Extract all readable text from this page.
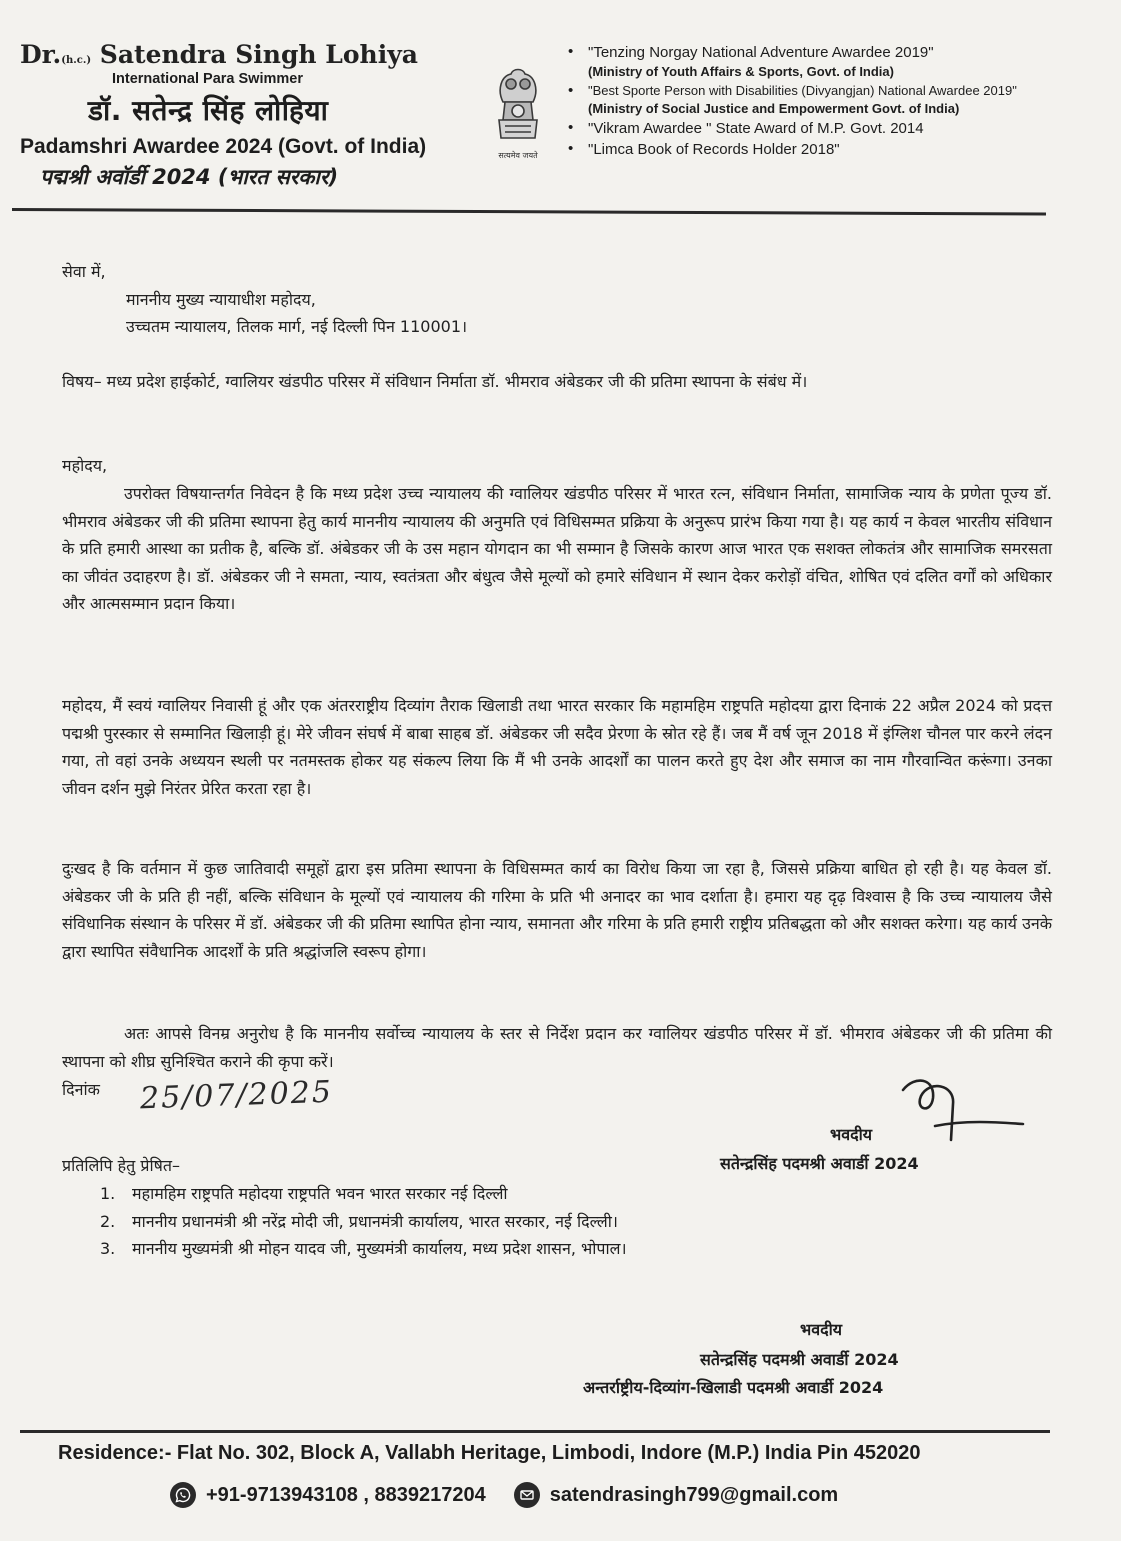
Dr.(h.c.) Satendra Singh Lohiya
International Para Swimmer
डॉ. सतेन्द्र सिंह लोहिया
Padamshri Awardee 2024 (Govt. of India)
पद्मश्री अवॉर्डी 2024 (भारत सरकार)
सत्यमेव जयते
• "Tenzing Norgay National Adventure Awardee 2019"
(Ministry of Youth Affairs & Sports, Govt. of India)
• "Best Sporte Person with Disabilities (Divyangjan) National Awardee 2019"
(Ministry of Social Justice and Empowerment Govt. of India)
• "Vikram Awardee " State Award of M.P. Govt. 2014
• "Limca Book of Records Holder 2018"
सेवा में,
माननीय मुख्य न्यायाधीश महोदय,
उच्चतम न्यायालय, तिलक मार्ग, नई दिल्ली पिन 110001।
विषय– मध्य प्रदेश हाईकोर्ट, ग्वालियर खंडपीठ परिसर में संविधान निर्माता डॉ. भीमराव अंबेडकर जी की प्रतिमा स्थापना के संबंध में।
महोदय,
उपरोक्त विषयान्तर्गत निवेदन है कि मध्य प्रदेश उच्च न्यायालय की ग्वालियर खंडपीठ परिसर में भारत रत्न, संविधान निर्माता, सामाजिक न्याय के प्रणेता पूज्य डॉ. भीमराव अंबेडकर जी की प्रतिमा स्थापना हेतु कार्य माननीय न्यायालय की अनुमति एवं विधिसम्मत प्रक्रिया के अनुरूप प्रारंभ किया गया है। यह कार्य न केवल भारतीय संविधान के प्रति हमारी आस्था का प्रतीक है, बल्कि डॉ. अंबेडकर जी के उस महान योगदान का भी सम्मान है जिसके कारण आज भारत एक सशक्त लोकतंत्र और सामाजिक समरसता का जीवंत उदाहरण है। डॉ. अंबेडकर जी ने समता, न्याय, स्वतंत्रता और बंधुत्व जैसे मूल्यों को हमारे संविधान में स्थान देकर करोड़ों वंचित, शोषित एवं दलित वर्गों को अधिकार और आत्मसम्मान प्रदान किया।
महोदय, मैं स्वयं ग्वालियर निवासी हूं और एक अंतरराष्ट्रीय दिव्यांग तैराक खिलाडी तथा भारत सरकार कि महामहिम राष्ट्रपति महोदया द्वारा दिनाकं 22 अप्रैल 2024 को प्रदत्त पद्मश्री पुरस्कार से सम्मानित खिलाड़ी हूं। मेरे जीवन संघर्ष में बाबा साहब डॉ. अंबेडकर जी सदैव प्रेरणा के स्रोत रहे हैं। जब मैं वर्ष जून 2018 में इंग्लिश चौनल पार करने लंदन गया, तो वहां उनके अध्ययन स्थली पर नतमस्तक होकर यह संकल्प लिया कि मैं भी उनके आदर्शों का पालन करते हुए देश और समाज का नाम गौरवान्वित करूंगा। उनका जीवन दर्शन मुझे निरंतर प्रेरित करता रहा है।
दुःखद है कि वर्तमान में कुछ जातिवादी समूहों द्वारा इस प्रतिमा स्थापना के विधिसम्मत कार्य का विरोध किया जा रहा है, जिससे प्रक्रिया बाधित हो रही है। यह केवल डॉ. अंबेडकर जी के प्रति ही नहीं, बल्कि संविधान के मूल्यों एवं न्यायालय की गरिमा के प्रति भी अनादर का भाव दर्शाता है। हमारा यह दृढ़ विश्वास है कि उच्च न्यायालय जैसे संविधानिक संस्थान के परिसर में डॉ. अंबेडकर जी की प्रतिमा स्थापित होना न्याय, समानता और गरिमा के प्रति हमारी राष्ट्रीय प्रतिबद्धता को और सशक्त करेगा। यह कार्य उनके द्वारा स्थापित संवैधानिक आदर्शों के प्रति श्रद्धांजलि स्वरूप होगा।
अतः आपसे विनम्र अनुरोध है कि माननीय सर्वोच्च न्यायालय के स्तर से निर्देश प्रदान कर ग्वालियर खंडपीठ परिसर में डॉ. भीमराव अंबेडकर जी की प्रतिमा की स्थापना को शीघ्र सुनिश्चित कराने की कृपा करें।
दिनांक 25/07/2025
भवदीय
सतेन्द्रसिंह पदमश्री अवार्डी 2024
प्रतिलिपि हेतु प्रेषित–
1. महामहिम राष्ट्रपति महोदया राष्ट्रपति भवन भारत सरकार नई दिल्ली
2. माननीय प्रधानमंत्री श्री नरेंद्र मोदी जी, प्रधानमंत्री कार्यालय, भारत सरकार, नई दिल्ली।
3. माननीय मुख्यमंत्री श्री मोहन यादव जी, मुख्यमंत्री कार्यालय, मध्य प्रदेश शासन, भोपाल।
भवदीय
सतेन्द्रसिंह पदमश्री अवार्डी 2024
अन्तर्राष्ट्रीय-दिव्यांग-खिलाडी पदमश्री अवार्डी 2024
Residence:- Flat No. 302, Block A, Vallabh Heritage, Limbodi, Indore (M.P.) India Pin 452020
+91-9713943108 , 8839217204	satendrasingh799@gmail.com
